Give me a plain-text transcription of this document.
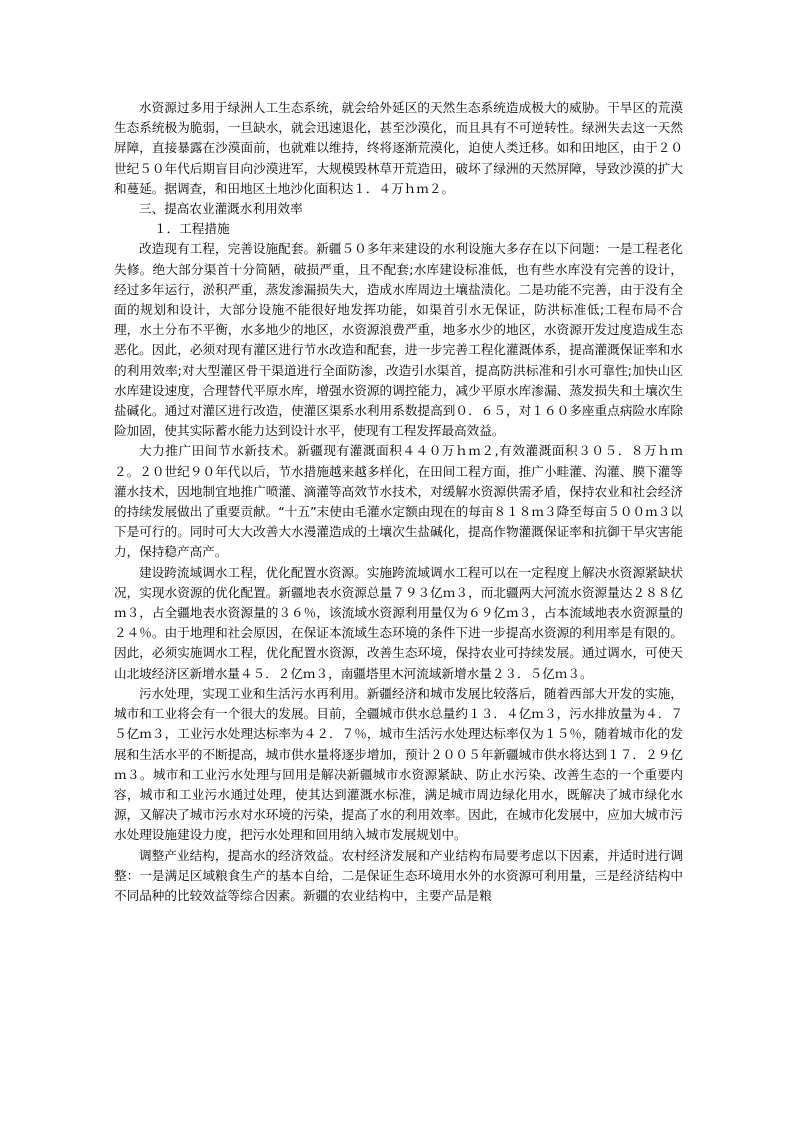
水资源过多用于绿洲人工生态系统，就会给外延区的天然生态系统造成极大的威胁。干旱区的荒漠生态系统极为脆弱，一旦缺水，就会迅速退化，甚至沙漠化，而且具有不可逆转性。绿洲失去这一天然屏障，直接暴露在沙漠面前，也就难以维持，终将逐渐荒漠化，迫使人类迁移。如和田地区，由于２０世纪５０年代后期盲目向沙漠进军，大规模毁林草开荒造田，破坏了绿洲的天然屏障，导致沙漠的扩大和蔓延。据调查，和田地区土地沙化面积达１．４万ｈｍ２。

三、提高农业灌溉水利用效率

１．工程措施

改造现有工程，完善设施配套。新疆５０多年来建设的水利设施大多存在以下问题：一是工程老化失修。绝大部分渠首十分简陋，破损严重，且不配套;水库建设标准低，也有些水库没有完善的设计，经过多年运行，淤积严重，蒸发渗漏损失大，造成水库周边土壤盐渍化。二是功能不完善，由于没有全面的规划和设计，大部分设施不能很好地发挥功能，如渠首引水无保证，防洪标准低;工程布局不合理，水土分布不平衡，水多地少的地区，水资源浪费严重，地多水少的地区，水资源开发过度造成生态恶化。因此，必须对现有灌区进行节水改造和配套，进一步完善工程化灌溉体系，提高灌溉保证率和水的利用效率;对大型灌区骨干渠道进行全面防渗，改造引水渠首，提高防洪标准和引水可靠性;加快山区水库建设速度，合理替代平原水库，增强水资源的调控能力，减少平原水库渗漏、蒸发损失和土壤次生盐碱化。通过对灌区进行改造，使灌区渠系水利用系数提高到０．６５，对１６０多座重点病险水库除险加固，使其实际蓄水能力达到设计水平，使现有工程发挥最高效益。

大力推广田间节水新技术。新疆现有灌溉面积４４０万ｈｍ２,有效灌溉面积３０５．８万ｈｍ２。２０世纪９０年代以后，节水措施越来越多样化，在田间工程方面，推广小畦灌、沟灌、膜下灌等灌水技术，因地制宜地推广喷灌、滴灌等高效节水技术，对缓解水资源供需矛盾，保持农业和社会经济的持续发展做出了重要贡献。“十五”末使由毛灌水定额由现在的每亩８１８ｍ３降至每亩５００ｍ３以下是可行的。同时可大大改善大水漫灌造成的土壤次生盐碱化，提高作物灌溉保证率和抗御干旱灾害能力，保持稳产高产。

建设跨流域调水工程，优化配置水资源。实施跨流域调水工程可以在一定程度上解决水资源紧缺状况，实现水资源的优化配置。新疆地表水资源总量７９３亿ｍ３，而北疆两大河流水资源量达２８８亿ｍ３，占全疆地表水资源量的３６％，该流域水资源利用量仅为６９亿ｍ３，占本流域地表水资源量的２４％。由于地理和社会原因，在保证本流域生态环境的条件下进一步提高水资源的利用率是有限的。因此，必须实施调水工程，优化配置水资源，改善生态环境，保持农业可持续发展。通过调水，可使天山北坡经济区新增水量４５．２亿ｍ３，南疆塔里木河流域新增水量２３．５亿ｍ３。

污水处理，实现工业和生活污水再利用。新疆经济和城市发展比较落后，随着西部大开发的实施，城市和工业将会有一个很大的发展。目前，全疆城市供水总量约１３．４亿ｍ３，污水排放量为４．７５亿ｍ３，工业污水处理达标率为４２．７％，城市生活污水处理达标率仅为１５％，随着城市化的发展和生活水平的不断提高，城市供水量将逐步增加，预计２００５年新疆城市供水将达到１７．２９亿ｍ３。城市和工业污水处理与回用是解决新疆城市水资源紧缺、防止水污染、改善生态的一个重要内容，城市和工业污水通过处理，使其达到灌溉水标准，满足城市周边绿化用水，既解决了城市绿化水源，又解决了城市污水对水环境的污染，提高了水的利用效率。因此，在城市化发展中，应加大城市污水处理设施建设力度，把污水处理和回用纳入城市发展规划中。

调整产业结构，提高水的经济效益。农村经济发展和产业结构布局要考虑以下因素，并适时进行调整：一是满足区域粮食生产的基本自给，二是保证生态环境用水外的水资源可利用量，三是经济结构中不同品种的比较效益等综合因素。新疆的农业结构中，主要产品是粮
